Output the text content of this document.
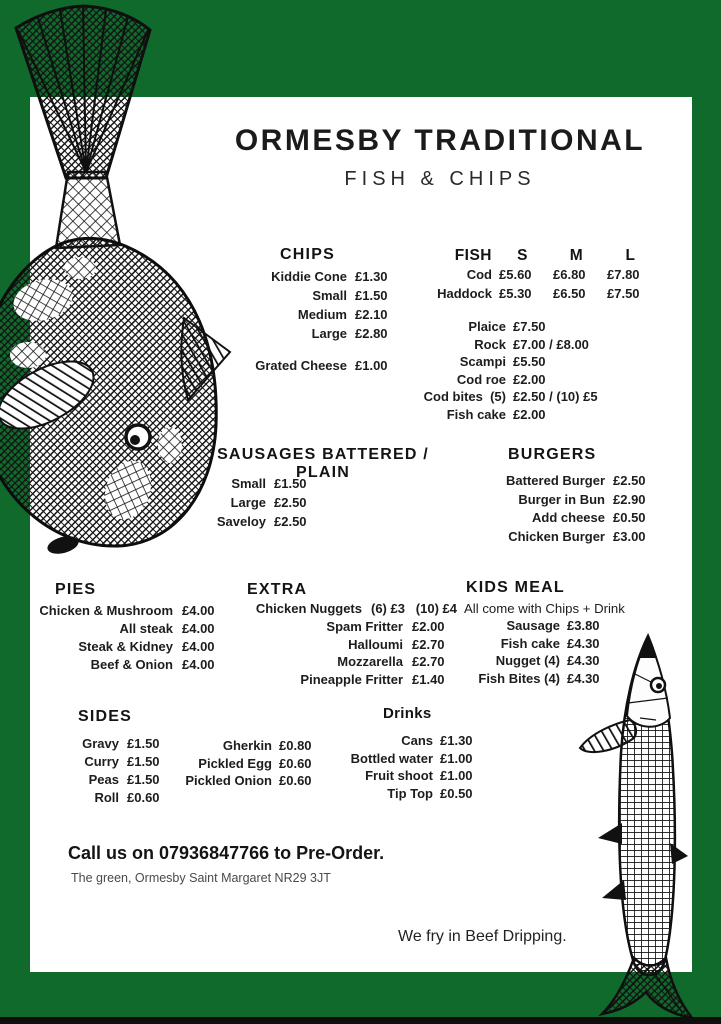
ORMESBY TRADITIONAL
FISH & CHIPS
CHIPS
Kiddie Cone £1.30
Small £1.50
Medium £2.10
Large £2.80
Grated Cheese £1.00
FISH	S	M	L
Cod £5.60	£6.80	£7.80
Haddock £5.30	£6.50	£7.50
Plaice £7.50
Rock £7.00 / £8.00
Scampi £5.50
Cod roe £2.00
Cod bites  (5) £2.50 / (10) £5
Fish cake £2.00
SAUSAGES BATTERED / PLAIN
Small £1.50
Large £2.50
Saveloy £2.50
BURGERS
Battered Burger £2.50
Burger in Bun £2.90
Add cheese £0.50
Chicken Burger £3.00
PIES
Chicken & Mushroom £4.00
All steak £4.00
Steak & Kidney £4.00
Beef & Onion £4.00
EXTRA
Chicken Nuggets (6) £3   (10) £4
Spam Fritter £2.00
Halloumi £2.70
Mozzarella £2.70
Pineapple Fritter £1.40
KIDS MEAL
All come with Chips + Drink
Sausage £3.80
Fish cake £4.30
Nugget (4) £4.30
Fish Bites (4) £4.30
SIDES
Gravy £1.50
Curry £1.50
Peas £1.50
Roll £0.60
Gherkin £0.80
Pickled Egg £0.60
Pickled Onion £0.60
Drinks
Cans £1.30
Bottled water £1.00
Fruit shoot £1.00
Tip Top £0.50
Call us on 07936847766 to Pre-Order.
The green, Ormesby Saint Margaret NR29 3JT
We fry in Beef Dripping.
